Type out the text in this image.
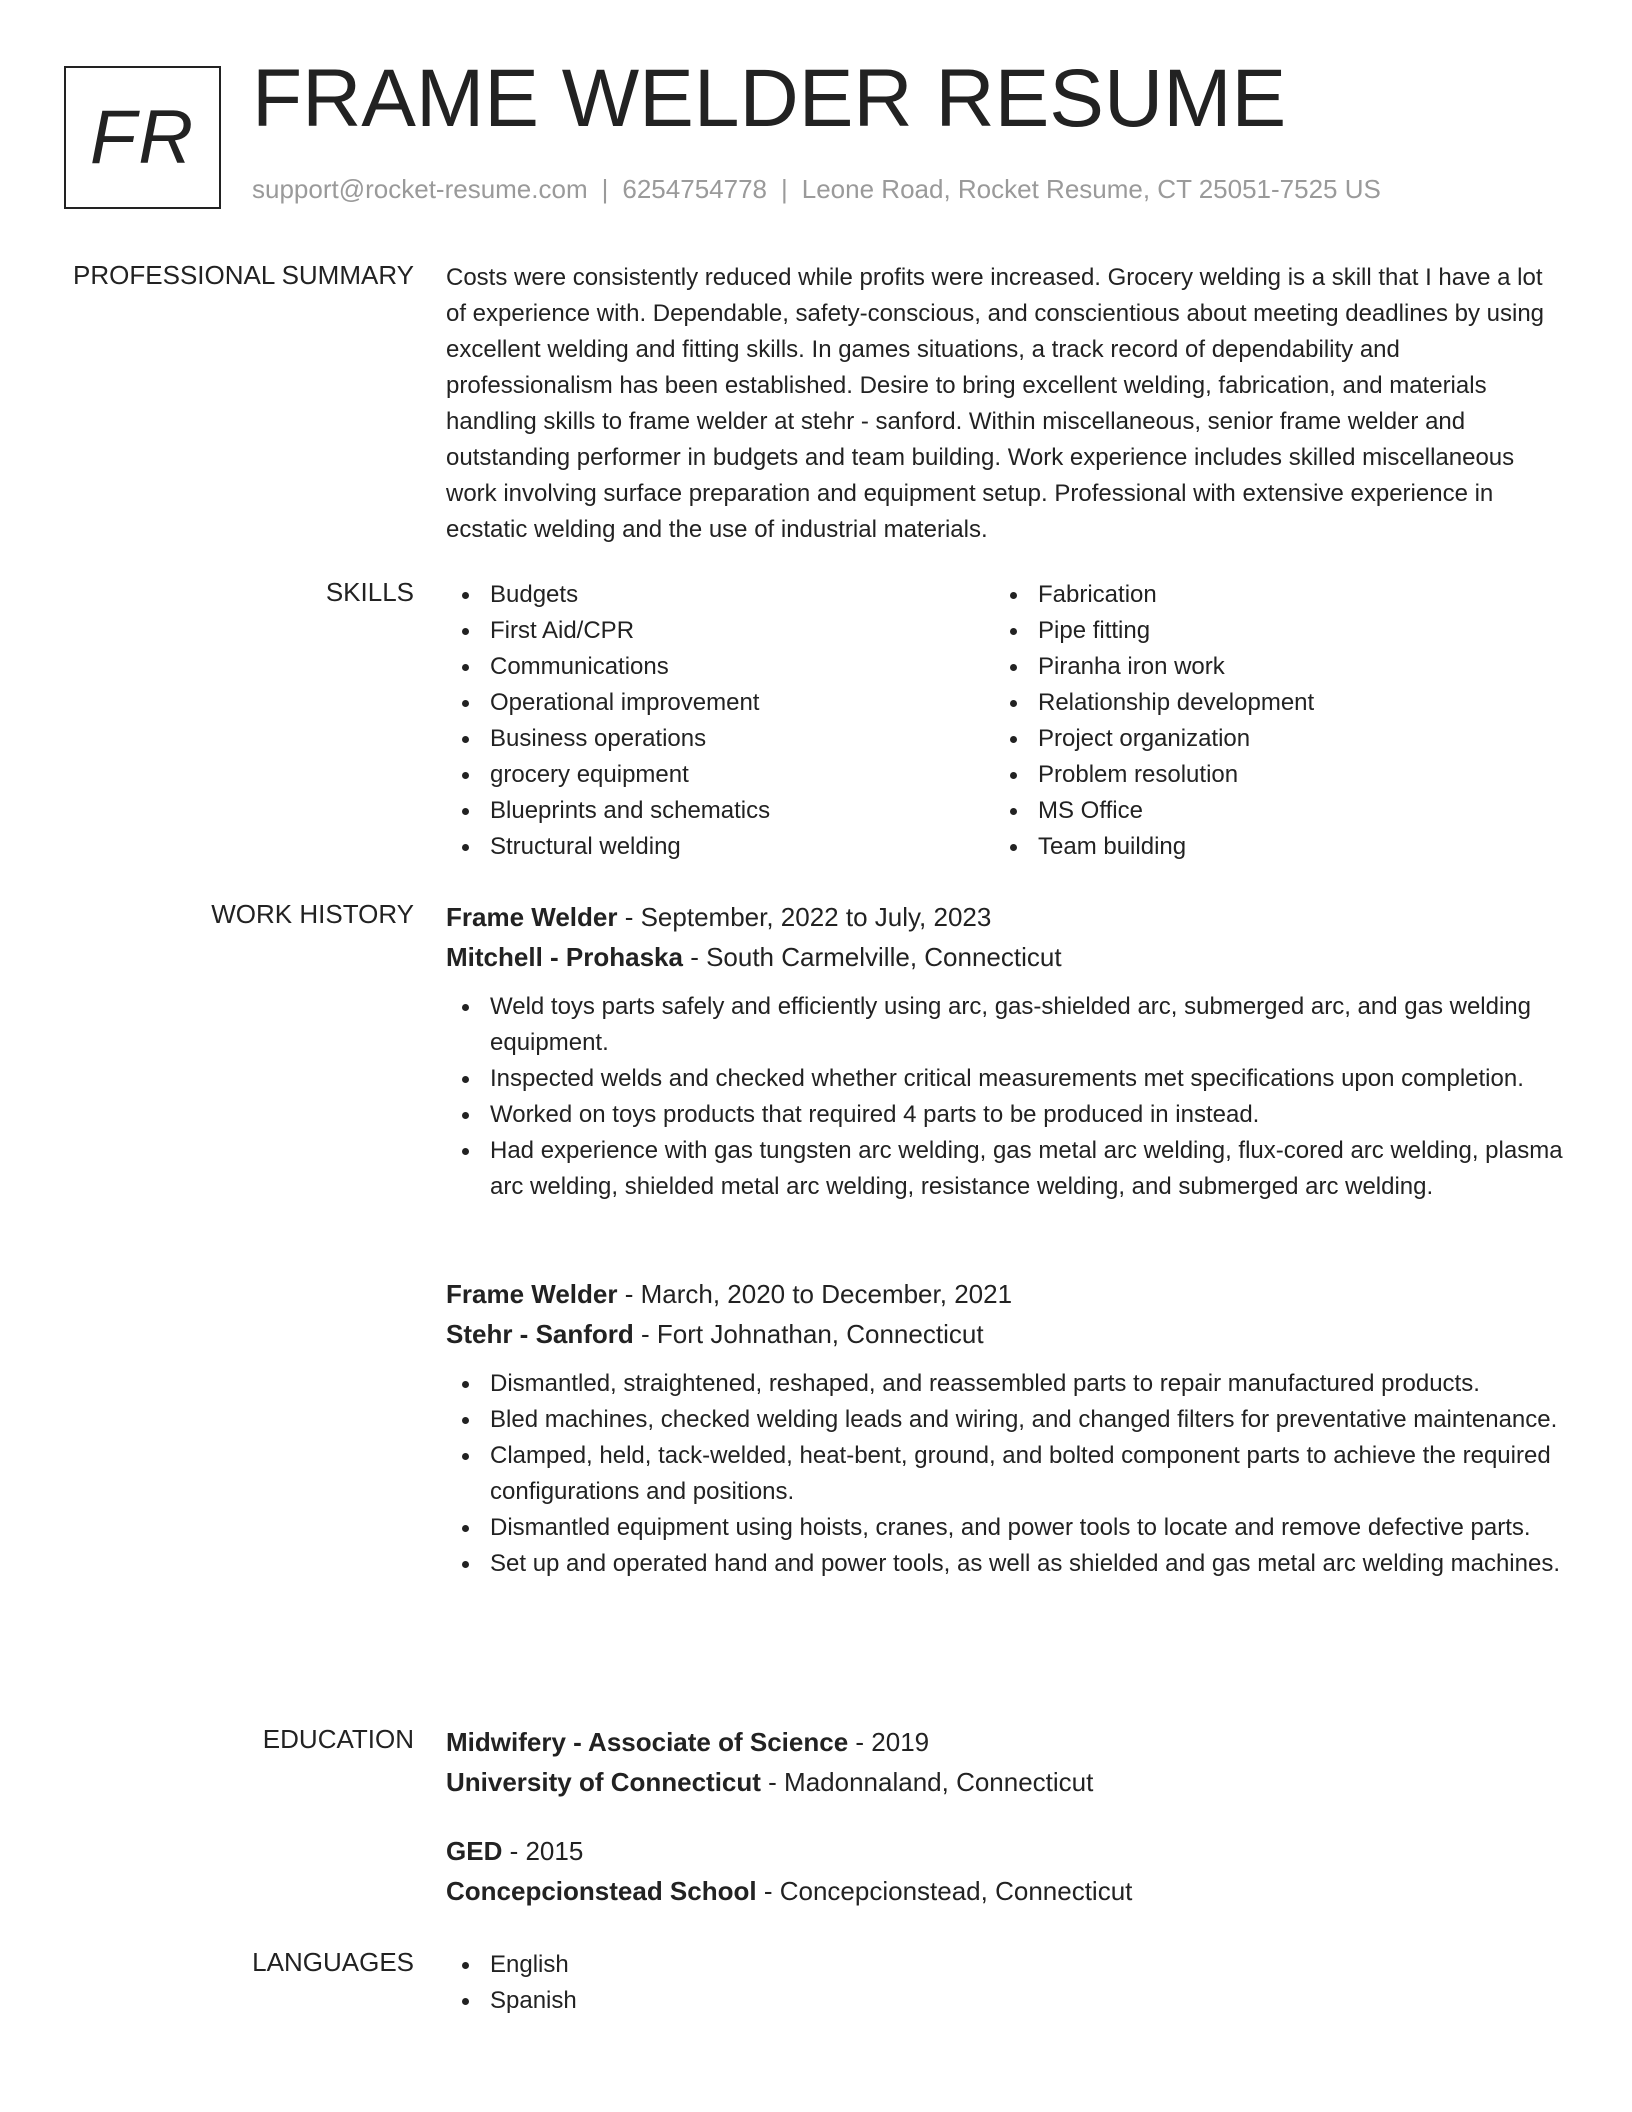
FR FRAME WELDER RESUME
support@rocket-resume.com | 6254754778 | Leone Road, Rocket Resume, CT 25051-7525 US
PROFESSIONAL SUMMARY Costs were consistently reduced while profits were increased. Grocery welding is a skill that I have a lot of experience with. Dependable, safety-conscious, and conscientious about meeting deadlines by using excellent welding and fitting skills. In games situations, a track record of dependability and professionalism has been established. Desire to bring excellent welding, fabrication, and materials handling skills to frame welder at stehr - sanford. Within miscellaneous, senior frame welder and outstanding performer in budgets and team building. Work experience includes skilled miscellaneous work involving surface preparation and equipment setup. Professional with extensive experience in ecstatic welding and the use of industrial materials.
SKILLS	Budgets
First Aid/CPR
Communications
Operational improvement
Business operations
grocery equipment
Blueprints and schematics
Structural welding
Fabrication
Pipe fitting
Piranha iron work
Relationship development
Project organization
Problem resolution
MS Office
Team building
WORK HISTORY Frame Welder - September, 2022 to July, 2023
Mitchell - Prohaska - South Carmelville, Connecticut
Weld toys parts safely and efficiently using arc, gas-shielded arc, submerged arc, and gas welding equipment.
Inspected welds and checked whether critical measurements met specifications upon completion.
Worked on toys products that required 4 parts to be produced in instead.
Had experience with gas tungsten arc welding, gas metal arc welding, flux-cored arc welding, plasma arc welding, shielded metal arc welding, resistance welding, and submerged arc welding.
Frame Welder - March, 2020 to December, 2021
Stehr - Sanford - Fort Johnathan, Connecticut
Dismantled, straightened, reshaped, and reassembled parts to repair manufactured products.
Bled machines, checked welding leads and wiring, and changed filters for preventative maintenance.
Clamped, held, tack-welded, heat-bent, ground, and bolted component parts to achieve the required configurations and positions.
Dismantled equipment using hoists, cranes, and power tools to locate and remove defective parts.
Set up and operated hand and power tools, as well as shielded and gas metal arc welding machines.
EDUCATION Midwifery - Associate of Science - 2019
University of Connecticut - Madonnaland, Connecticut
GED - 2015
Concepcionstead School - Concepcionstead, Connecticut
LANGUAGES	English
Spanish
